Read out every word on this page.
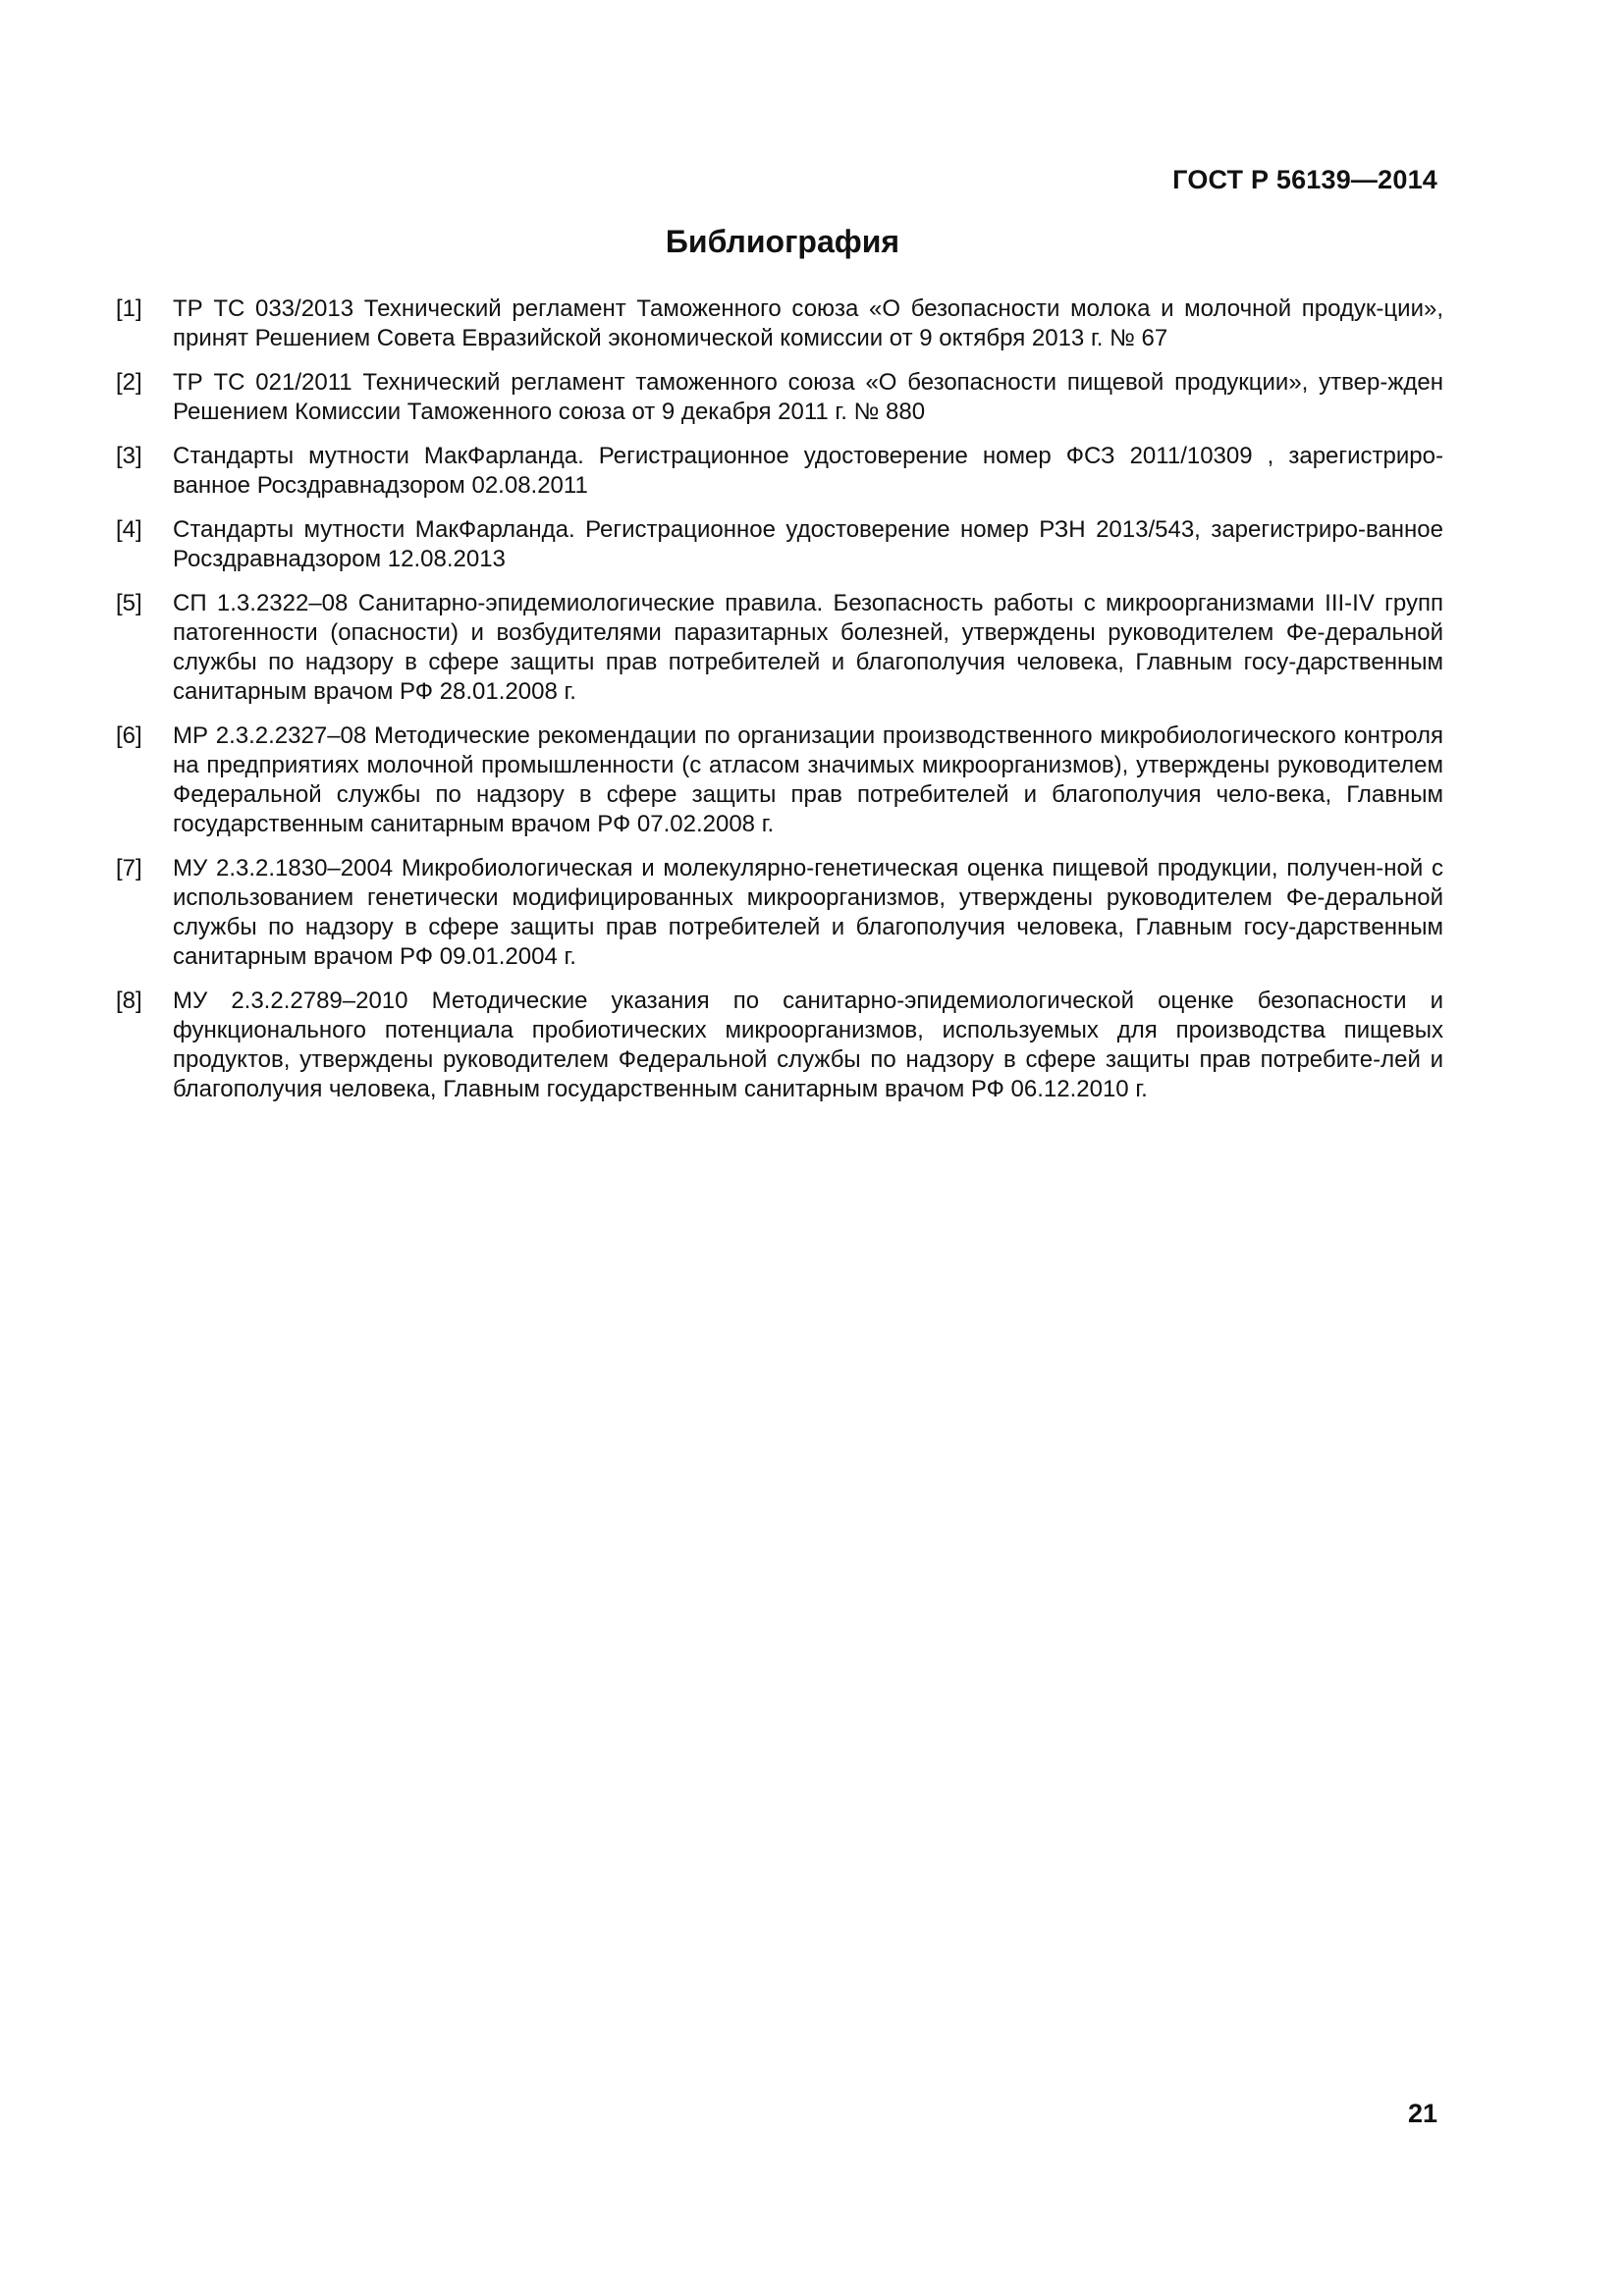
ГОСТ Р 56139—2014
Библиография
[1]	ТР ТС 033/2013 Технический регламент Таможенного союза «О безопасности молока и молочной продук-ции», принят Решением Совета Евразийской экономической комиссии от 9 октября 2013 г. № 67
[2]	ТР ТС 021/2011 Технический регламент таможенного союза «О безопасности пищевой продукции», утвер-жден Решением Комиссии Таможенного союза от 9 декабря 2011 г. № 880
[3]	Стандарты мутности МакФарланда. Регистрационное удостоверение номер ФСЗ 2011/10309 , зарегистриро-ванное Росздравнадзором 02.08.2011
[4]	Стандарты мутности МакФарланда. Регистрационное удостоверение номер РЗН 2013/543, зарегистриро-ванное Росздравнадзором 12.08.2013
[5]	СП 1.3.2322–08 Санитарно-эпидемиологические правила. Безопасность работы с микроорганизмами III-IV групп патогенности (опасности) и возбудителями паразитарных болезней, утверждены руководителем Фе-деральной службы по надзору в сфере защиты прав потребителей и благополучия человека, Главным госу-дарственным санитарным врачом РФ 28.01.2008 г.
[6]	МР 2.3.2.2327–08 Методические рекомендации по организации производственного микробиологического контроля на предприятиях молочной промышленности (с атласом значимых микроорганизмов), утверждены руководителем Федеральной службы по надзору в сфере защиты прав потребителей и благополучия чело-века, Главным государственным санитарным врачом РФ 07.02.2008 г.
[7]	МУ 2.3.2.1830–2004 Микробиологическая и молекулярно-генетическая оценка пищевой продукции, получен-ной с использованием генетически модифицированных микроорганизмов, утверждены руководителем Фе-деральной службы по надзору в сфере защиты прав потребителей и благополучия человека, Главным госу-дарственным санитарным врачом РФ 09.01.2004 г.
[8]	МУ 2.3.2.2789–2010 Методические указания по санитарно-эпидемиологической оценке безопасности и функционального потенциала пробиотических микроорганизмов, используемых для производства пищевых продуктов, утверждены руководителем Федеральной службы по надзору в сфере защиты прав потребите-лей и благополучия человека, Главным государственным санитарным врачом РФ 06.12.2010 г.
21
